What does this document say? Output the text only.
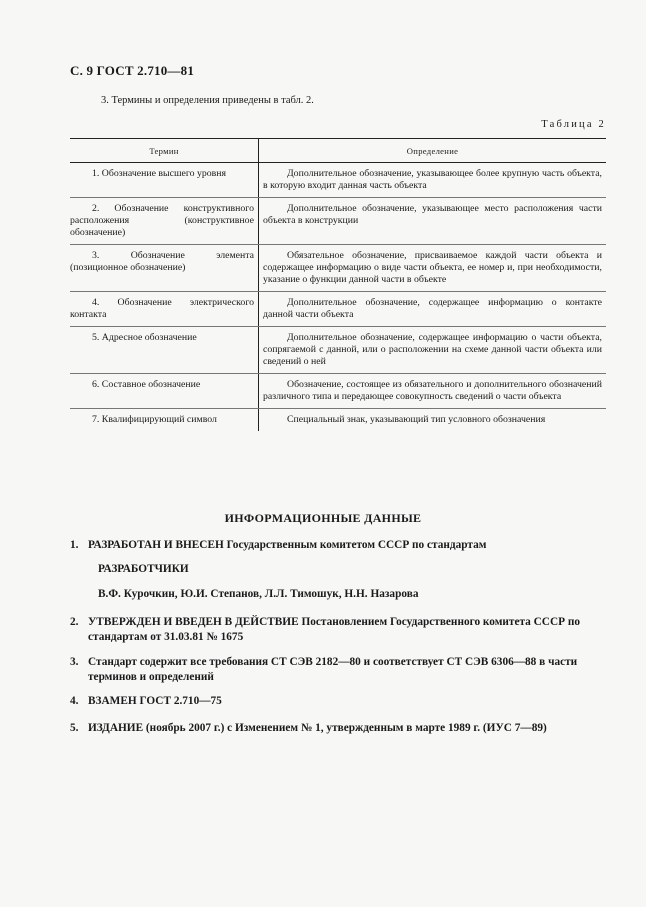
С. 9 ГОСТ 2.710—81
3. Термины и определения приведены в табл. 2.
Таблица 2
Термин	Определение
1. Обозначение высшего уровня	Дополнительное обозначение, указывающее более крупную часть объекта, в которую входит данная часть объекта
2. Обозначение конструктивного расположения (конструктивное обозначение)	Дополнительное обозначение, указывающее место расположения части объекта в конструкции
3. Обозначение элемента (позиционное обозначение)	Обязательное обозначение, присваиваемое каждой части объекта и содержащее информацию о виде части объекта, ее номер и, при необходимости, указание о функции данной части в объекте
4. Обозначение электрического контакта	Дополнительное обозначение, содержащее информацию о контакте данной части объекта
5. Адресное обозначение	Дополнительное обозначение, содержащее информацию о части объекта, сопрягаемой с данной, или о расположении на схеме данной части объекта или сведений о ней
6. Составное обозначение	Обозначение, состоящее из обязательного и дополнительного обозначений различного типа и передающее совокупность сведений о части объекта
7. Квалифицирующий символ	Специальный знак, указывающий тип условного обозначения
ИНФОРМАЦИОННЫЕ ДАННЫЕ
1. РАЗРАБОТАН И ВНЕСЕН Государственным комитетом СССР по стандартам
РАЗРАБОТЧИКИ
В.Ф. Курочкин, Ю.И. Степанов, Л.Л. Тимошук, Н.Н. Назарова
2. УТВЕРЖДЕН И ВВЕДЕН В ДЕЙСТВИЕ Постановлением Государственного комитета СССР по стандартам от 31.03.81 № 1675
3. Стандарт содержит все требования СТ СЭВ 2182—80 и соответствует СТ СЭВ 6306—88 в части терминов и определений
4. ВЗАМЕН ГОСТ 2.710—75
5. ИЗДАНИЕ (ноябрь 2007 г.) с Изменением № 1, утвержденным в марте 1989 г. (ИУС 7—89)
